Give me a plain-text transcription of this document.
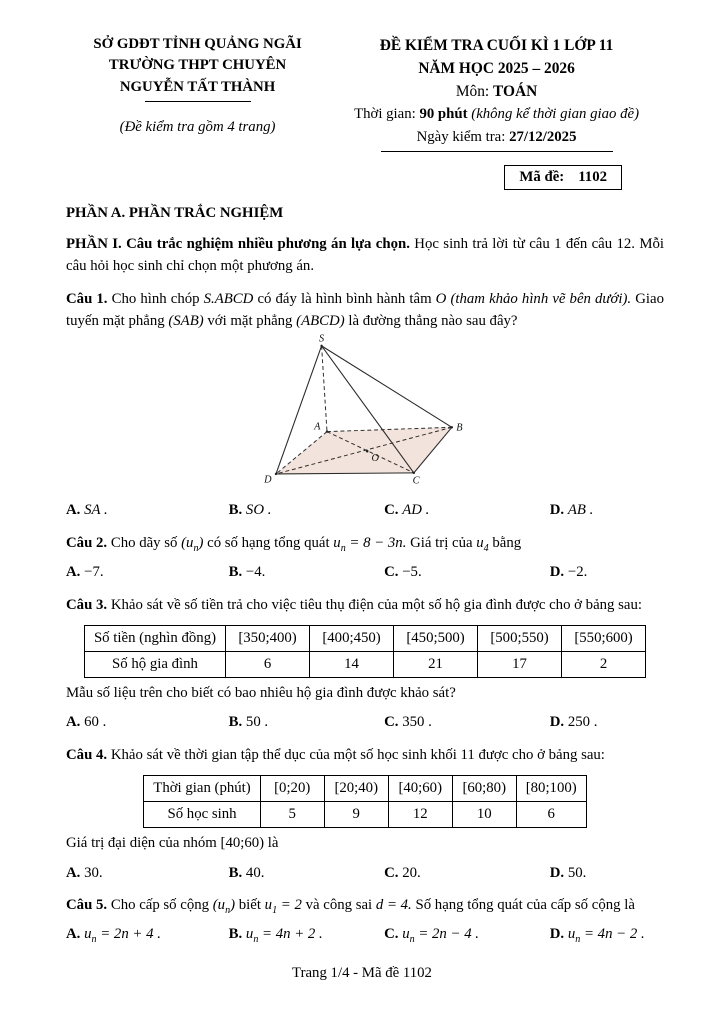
SỞ GDĐT TỈNH QUẢNG NGÃI
TRƯỜNG THPT CHUYÊN
NGUYỄN TẤT THÀNH
(Đề kiểm tra gồm 4 trang)
ĐỀ KIỂM TRA CUỐI KÌ 1 LỚP 11
NĂM HỌC 2025 – 2026
Môn: TOÁN
Thời gian: 90 phút (không kể thời gian giao đề)
Ngày kiểm tra: 27/12/2025
Mã đề: 1102
PHẦN A. PHẦN TRẮC NGHIỆM

PHẦN I. Câu trắc nghiệm nhiều phương án lựa chọn. Học sinh trả lời từ câu 1 đến câu 12. Mỗi câu hỏi học sinh chỉ chọn một phương án.

Câu 1. Cho hình chóp S.ABCD có đáy là hình bình hành tâm O (tham khảo hình vẽ bên dưới). Giao tuyến mặt phẳng (SAB) với mặt phẳng (ABCD) là đường thẳng nào sau đây?

S
A	B
C
D
O
A. SA .	B. SO .	C. AD .	D. AB .

Câu 2. Cho dãy số $(u_n)$ có số hạng tổng quát $u_n = 8 - 3n$. Giá trị của $u_4$ bằng

A. −7.	B. −4.	C. −5.	D. −2.

Câu 3. Khảo sát về số tiền trả cho việc tiêu thụ điện của một số hộ gia đình được cho ở bảng sau:

Số tiền (nghìn đồng)	[350;400)	[400;450)	[450;500)	[500;550)	[550;600)
Số hộ gia đình	6	14	21	17	2

Mẫu số liệu trên cho biết có bao nhiêu hộ gia đình được khảo sát?

A. 60 .	B. 50 .	C. 350 .	D. 250 .

Câu 4. Khảo sát về thời gian tập thể dục của một số học sinh khối 11 được cho ở bảng sau:

Thời gian (phút)	[0;20)	[20;40)	[40;60)	[60;80)	[80;100)
Số học sinh	5	9	12	10	6

Giá trị đại diện của nhóm [40;60) là

A. 30.	B. 40.	C. 20.	D. 50.

Câu 5. Cho cấp số cộng $(u_n)$ biết $u_1 = 2$ và công sai d = 4. Số hạng tổng quát của cấp số cộng là

A. $u_n = 2n + 4$ .	B. $u_n = 4n + 2$ .	C. $u_n = 2n - 4$ .	D. $u_n = 4n - 2$ .
Trang 1/4 - Mã đề 1102
